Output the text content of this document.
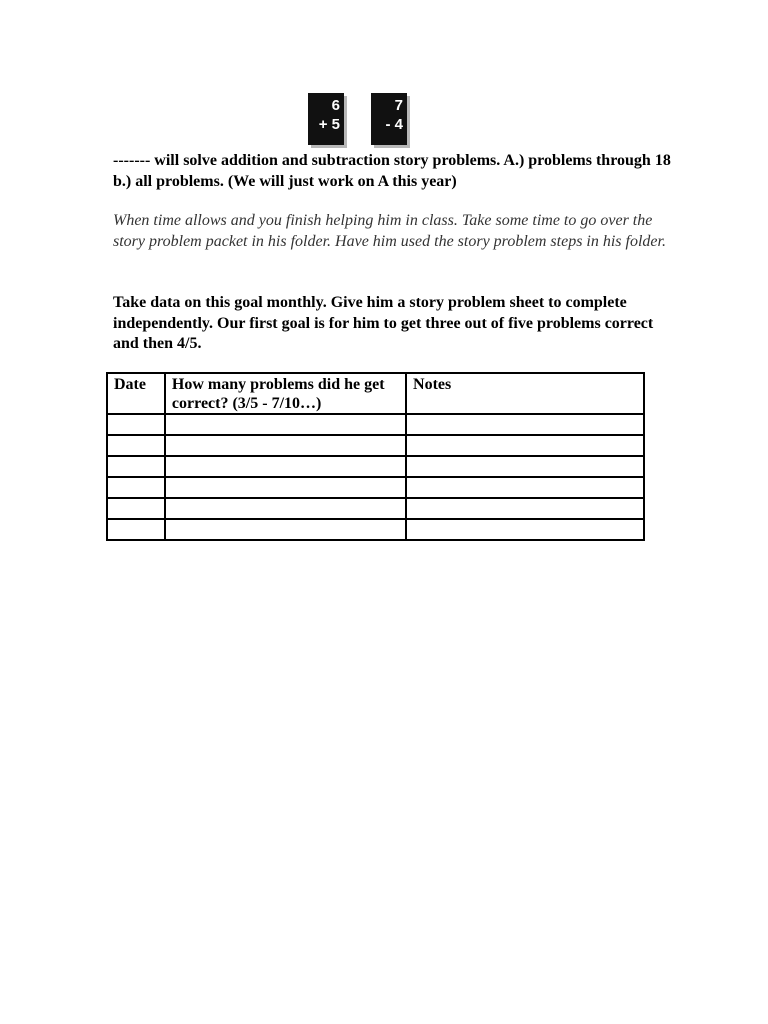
6
+ 5
7
- 4

------- will solve addition and subtraction story problems. A.) problems through 18 b.) all problems. (We will just work on A this year)

When time allows and you finish helping him in class. Take some time to go over the story problem packet in his folder. Have him used the story problem steps in his folder.

Take data on this goal monthly. Give him a story problem sheet to complete independently. Our first goal is for him to get three out of five problems correct and then 4/5.

Date	How many problems did he get correct? (3/5 - 7/10…)	Notes
